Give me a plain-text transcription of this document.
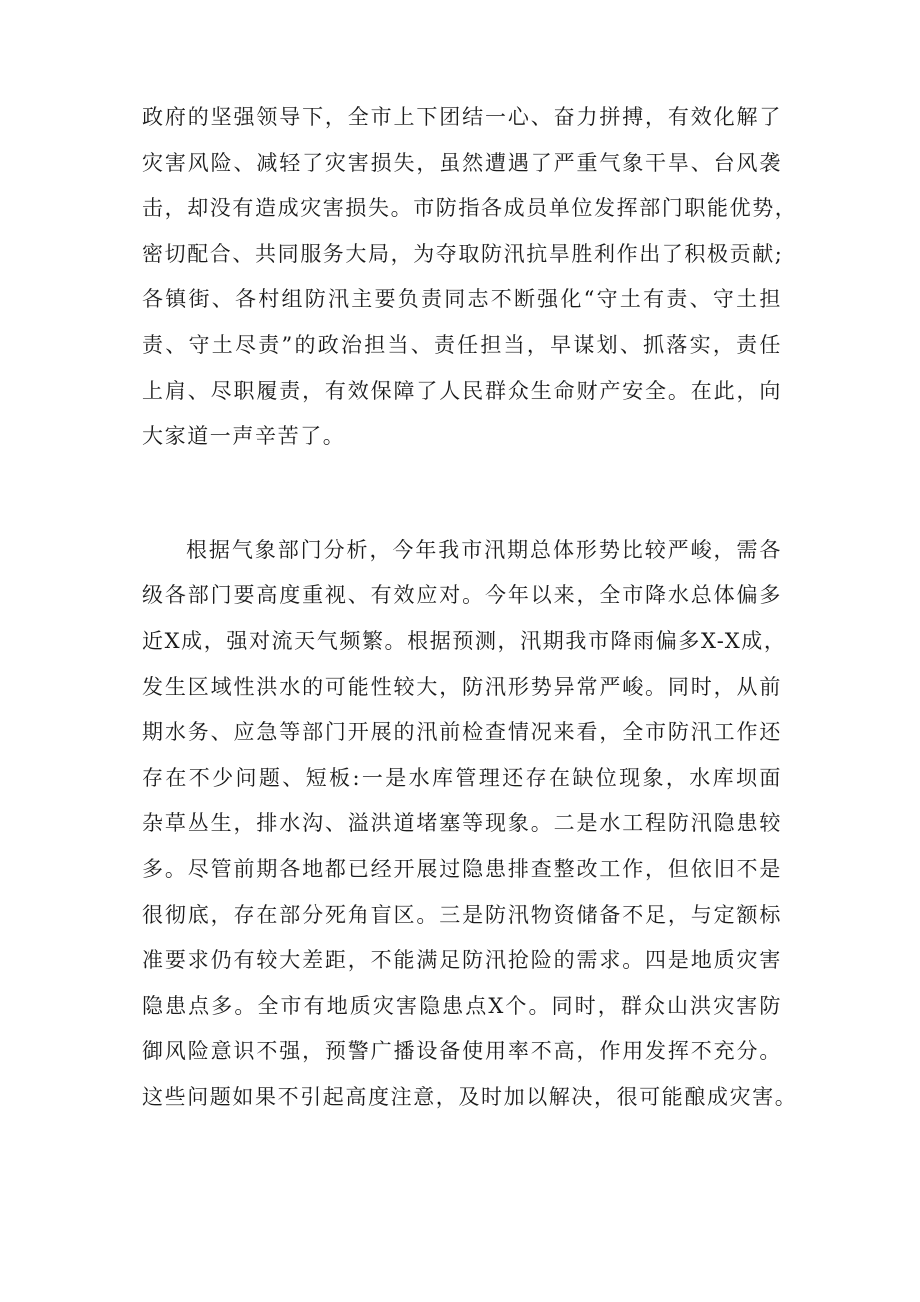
政府的坚强领导下，全市上下团结一心、奋力拼搏，有效化解了
灾害风险、减轻了灾害损失，虽然遭遇了严重气象干旱、台风袭
击，却没有造成灾害损失。市防指各成员单位发挥部门职能优势，
密切配合、共同服务大局，为夺取防汛抗旱胜利作出了积极贡献;
各镇街、各村组防汛主要负责同志不断强化“守土有责、守土担
责、守土尽责”的政治担当、责任担当，早谋划、抓落实，责任
上肩、尽职履责，有效保障了人民群众生命财产安全。在此，向
大家道一声辛苦了。

根据气象部门分析，今年我市汛期总体形势比较严峻，需各
级各部门要高度重视、有效应对。今年以来，全市降水总体偏多
近X成，强对流天气频繁。根据预测，汛期我市降雨偏多X-X成，
发生区域性洪水的可能性较大，防汛形势异常严峻。同时，从前
期水务、应急等部门开展的汛前检查情况来看，全市防汛工作还
存在不少问题、短板:一是水库管理还存在缺位现象，水库坝面
杂草丛生，排水沟、溢洪道堵塞等现象。二是水工程防汛隐患较
多。尽管前期各地都已经开展过隐患排查整改工作，但依旧不是
很彻底，存在部分死角盲区。三是防汛物资储备不足，与定额标
准要求仍有较大差距，不能满足防汛抢险的需求。四是地质灾害
隐患点多。全市有地质灾害隐患点X个。同时，群众山洪灾害防
御风险意识不强，预警广播设备使用率不高，作用发挥不充分。
这些问题如果不引起高度注意，及时加以解决，很可能酿成灾害。
